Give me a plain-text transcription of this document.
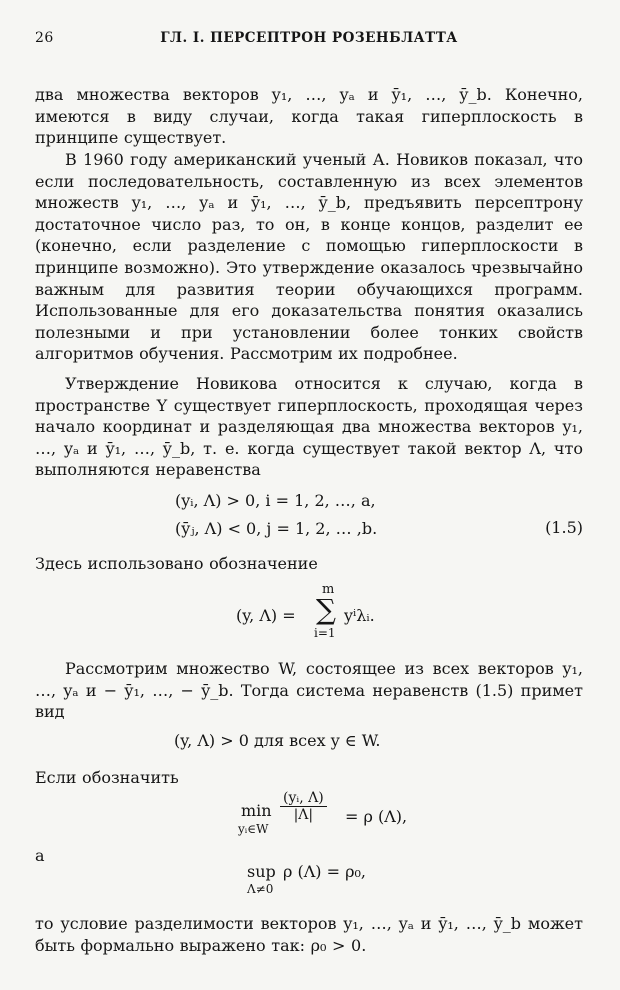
26	ГЛ. I. ПЕРСЕПТРОН РОЗЕНБЛАТТА
два множества векторов y₁, …, yₐ и ȳ₁, …, ȳ_b. Конечно, имеются в виду случаи, когда такая гиперплоскость в принципе существует.
В 1960 году американский ученый А. Новиков показал, что если последовательность, составленную из всех элементов множеств y₁, …, yₐ и ȳ₁, …, ȳ_b, предъявить персептрону достаточное число раз, то он, в конце концов, разделит ее (конечно, если разделение с помощью гиперплоскости в принципе возможно). Это утверждение оказалось чрезвычайно важным для развития теории обучающихся программ. Использованные для его доказательства понятия оказались полезными и при установлении более тонких свойств алгоритмов обучения. Рассмотрим их подробнее.
Утверждение Новикова относится к случаю, когда в пространстве Y существует гиперплоскость, проходящая через начало координат и разделяющая два множества векторов y₁, …, yₐ и ȳ₁, …, ȳ_b, т. е. когда существует такой вектор Λ, что выполняются неравенства
(yᵢ, Λ) > 0, i = 1, 2, …, a,
(ȳⱼ, Λ) < 0, j = 1, 2, … ,b.	(1.5)
Здесь использовано обозначение
(y, Λ) =
m
∑
i=1
yⁱλᵢ.
Рассмотрим множество W, состоящее из всех векторов y₁, …, yₐ и − ȳ₁, …, − ȳ_b. Тогда система неравенств (1.5) примет вид
(y, Λ) > 0 для всех y ∈ W.
Если обозначить
min
yᵢ∈W
$\frac{\text{(yᵢ, Λ)}}{|\Lambda|} = \rho$ (Λ),
а
sup
Λ≠0
ρ (Λ) = ρ₀,
то условие разделимости векторов y₁, …, yₐ и ȳ₁, …, ȳ_b может быть формально выражено так: ρ₀ > 0.
